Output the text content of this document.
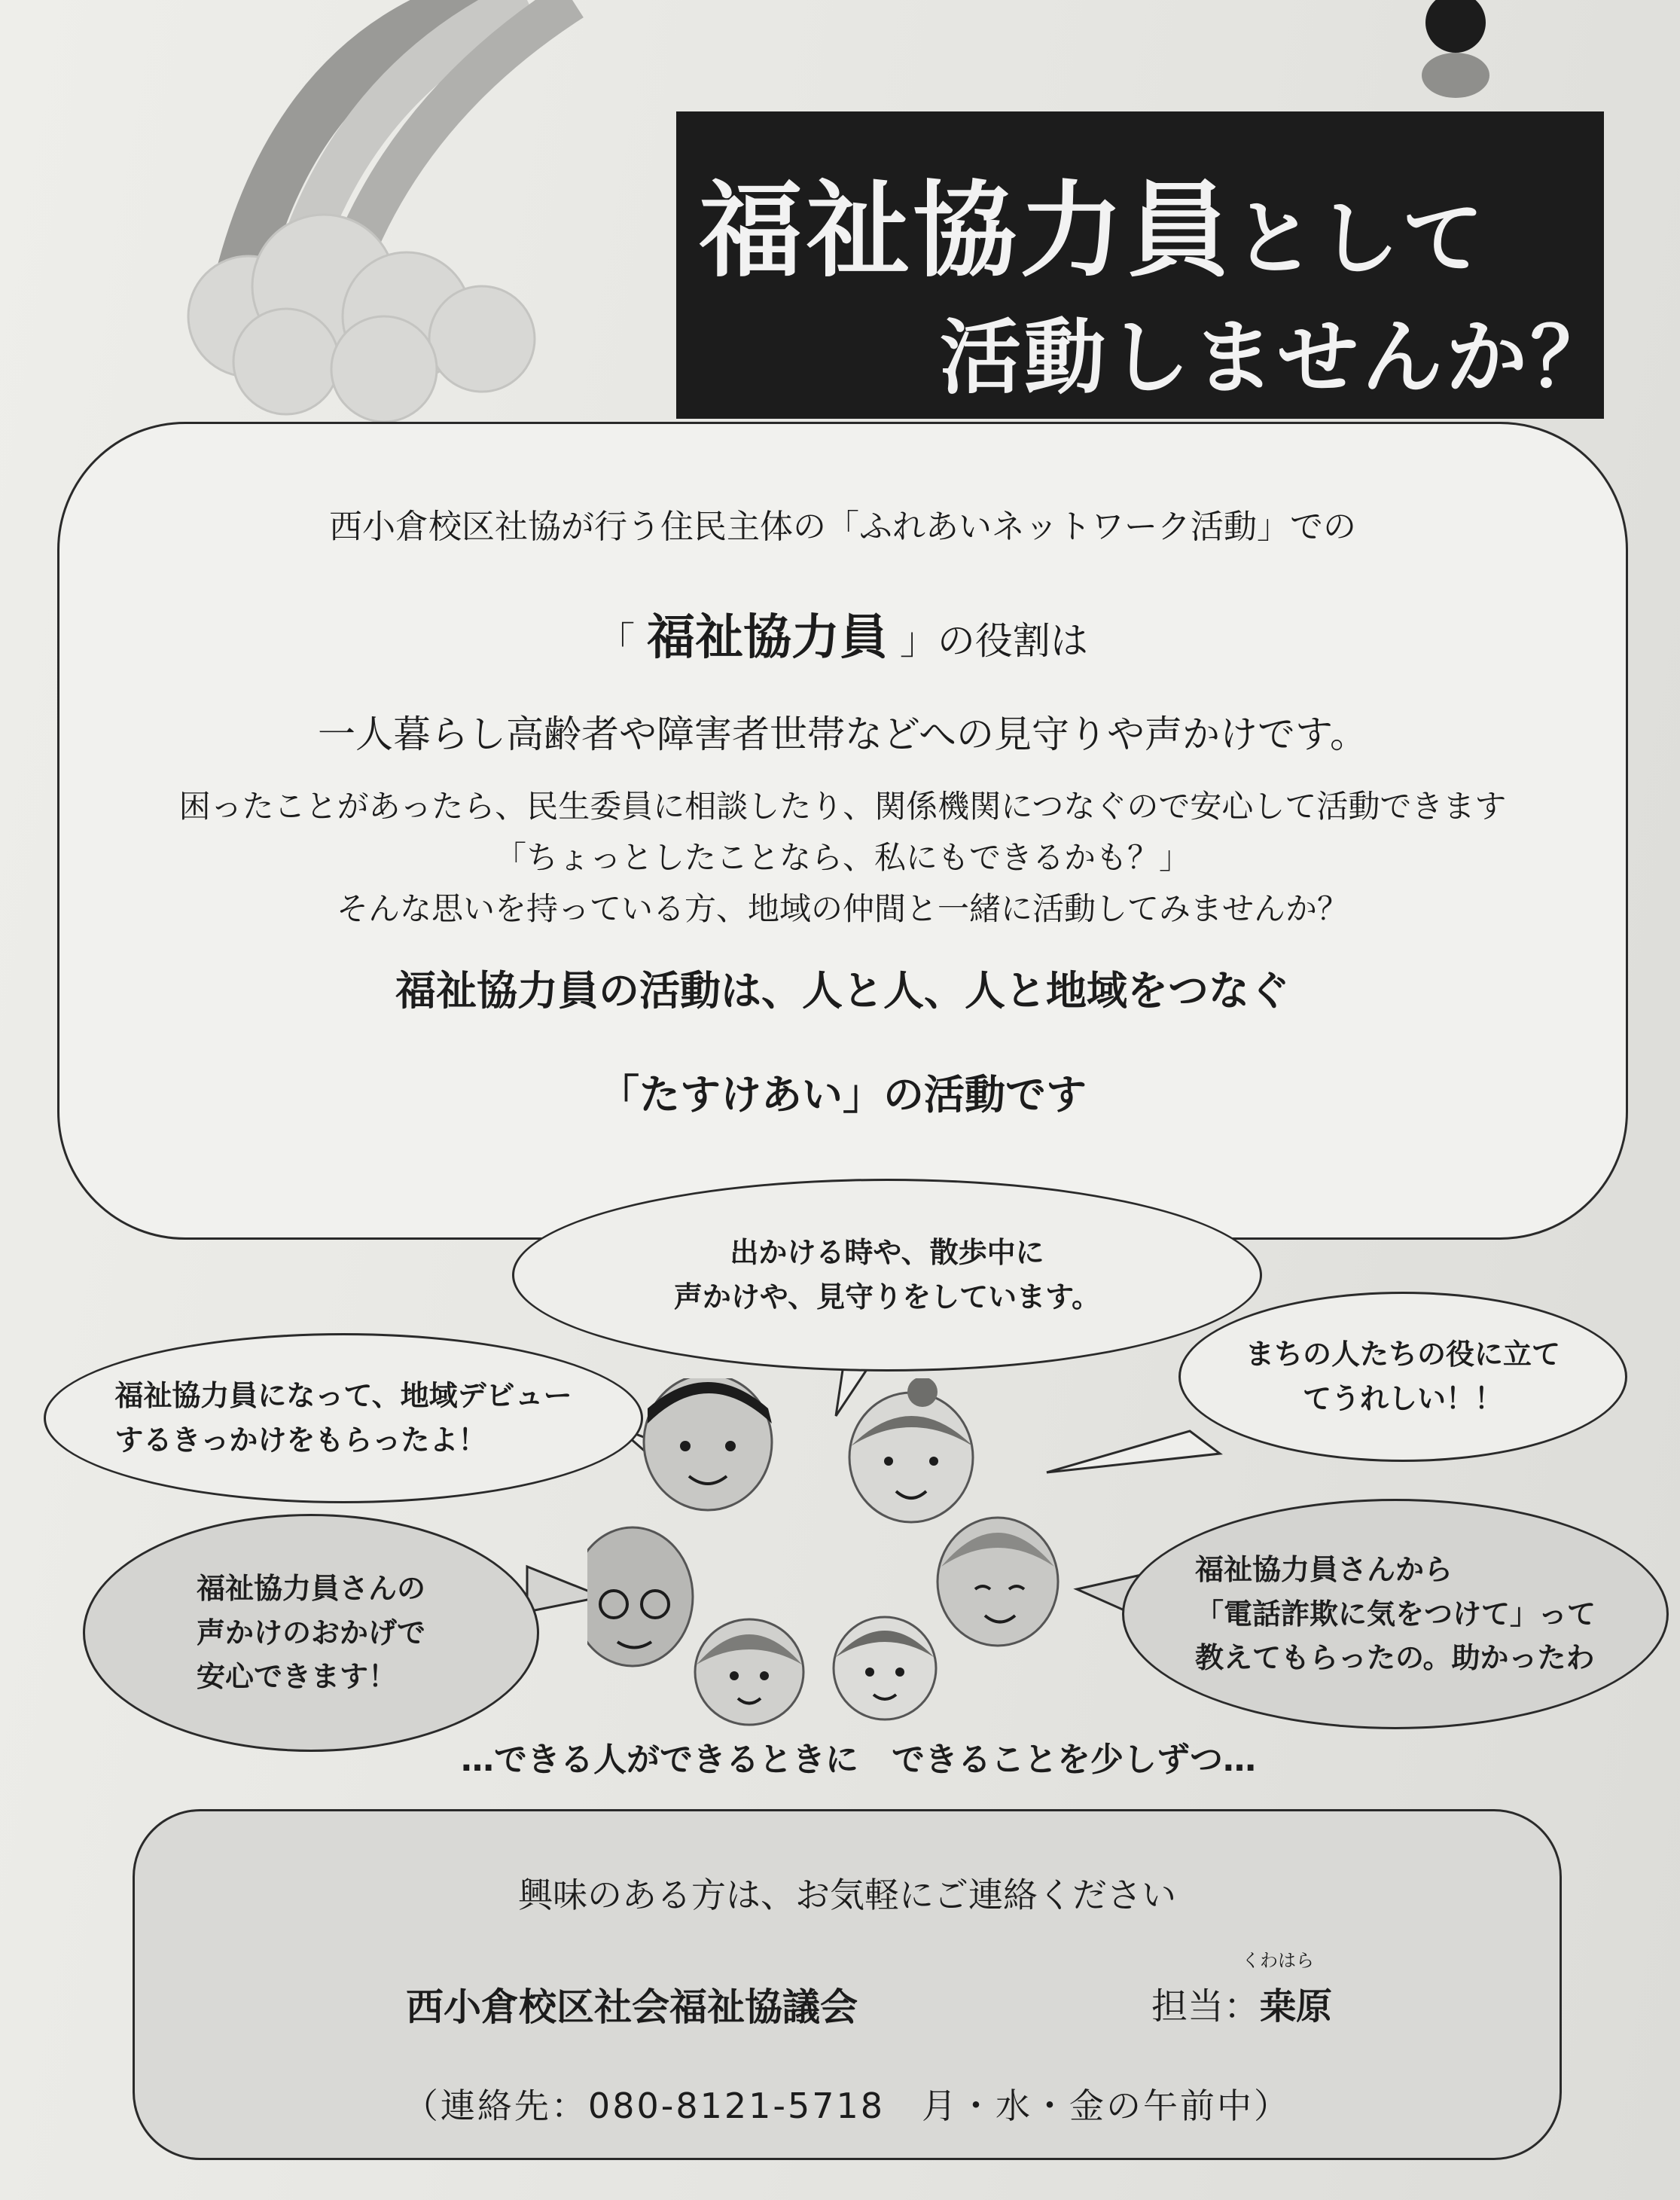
福祉協力員として
活動しませんか？
西小倉校区社協が行う住民主体の「ふれあいネットワーク活動」での
「 福祉協力員 」の役割は
一人暮らし高齢者や障害者世帯などへの見守りや声かけです。
困ったことがあったら、民生委員に相談したり、関係機関につなぐので安心して活動できます
「ちょっとしたことなら、私にもできるかも？」
そんな思いを持っている方、地域の仲間と一緒に活動してみませんか？
福祉協力員の活動は、人と人、人と地域をつなぐ
「たすけあい」の活動です
出かける時や、散歩中に
声かけや、見守りをしています。
福祉協力員になって、地域デビュー
するきっかけをもらったよ！
まちの人たちの役に立て
てうれしい！！
福祉協力員さんの
声かけのおかげで
安心できます！
福祉協力員さんから
「電話詐欺に気をつけて」って
教えてもらったの。助かったわ
…できる人ができるときに　できることを少しずつ…
興味のある方は、お気軽にご連絡ください
西小倉校区社会福祉協議会
くわはら
担当：桒原
（連絡先：080-8121-5718　月・水・金の午前中）
